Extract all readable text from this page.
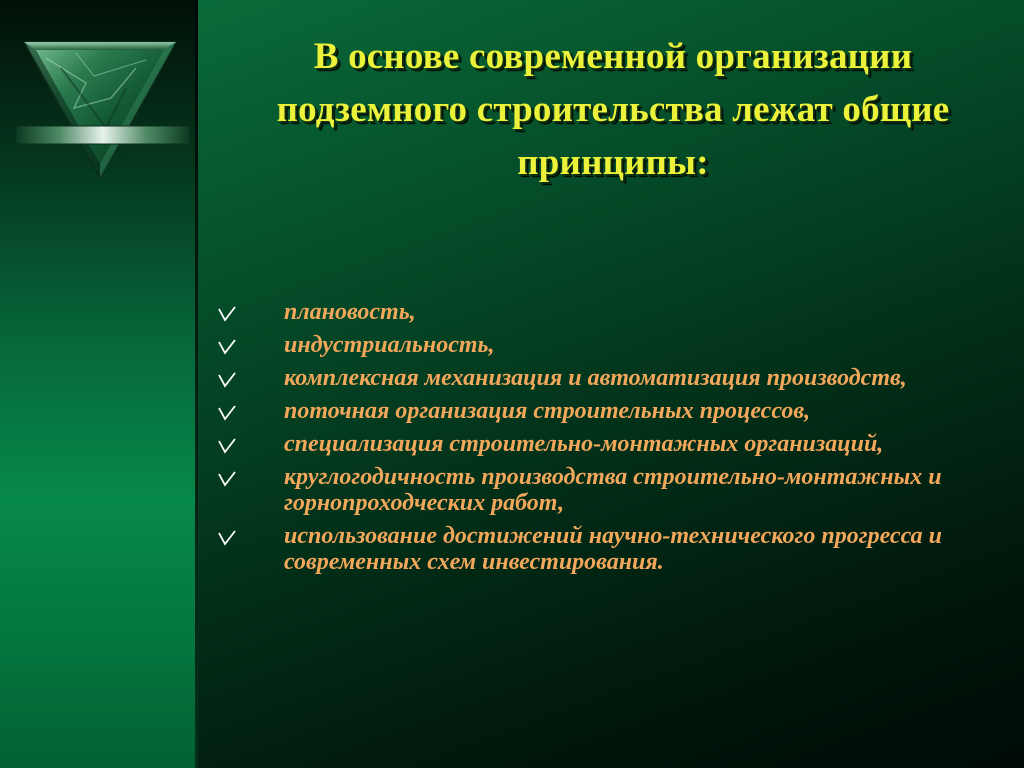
В основе современной организации подземного строительства лежат общие принципы:
плановость,
индустриальность,
комплексная механизация и автоматизация производств,
поточная организация строительных процессов,
специализация строительно-монтажных организаций,
круглогодичность производства строительно-монтажных и горнопроходческих работ,
использование достижений научно-технического прогресса и современных схем инвестирования.
